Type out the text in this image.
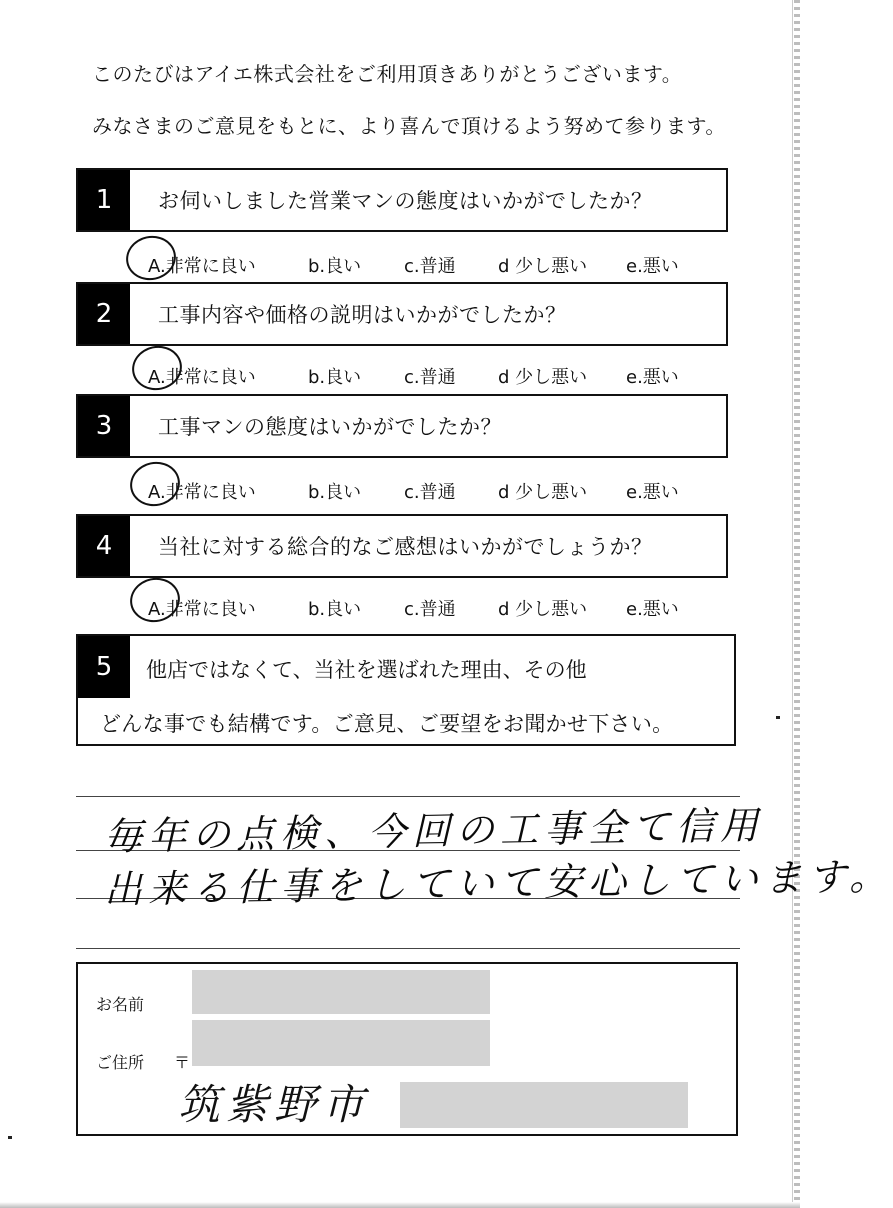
このたびはアイエ株式会社をご利用頂きありがとうございます。
みなさまのご意見をもとに、より喜んで頂けるよう努めて参ります。
1	お伺いしました営業マンの態度はいかがでしたか？
A.非常に良い	b.良い c.普通 d 少し悪い e.悪い
2	工事内容や価格の説明はいかがでしたか？
A.非常に良い	b.良い c.普通 d 少し悪い e.悪い
3	工事マンの態度はいかがでしたか？
A.非常に良い	b.良い c.普通 d 少し悪い e.悪い
4	当社に対する総合的なご感想はいかがでしょうか？
A.非常に良い	b.良い c.普通 d 少し悪い e.悪い
5	他店ではなくて、当社を選ばれた理由、その他
どんな事でも結構です。ご意見、ご要望をお聞かせ下さい。
毎年の点検、今回の工事全て信用
出来る仕事をしていて安心しています。
お名前
ご住所 〒
筑紫野市
